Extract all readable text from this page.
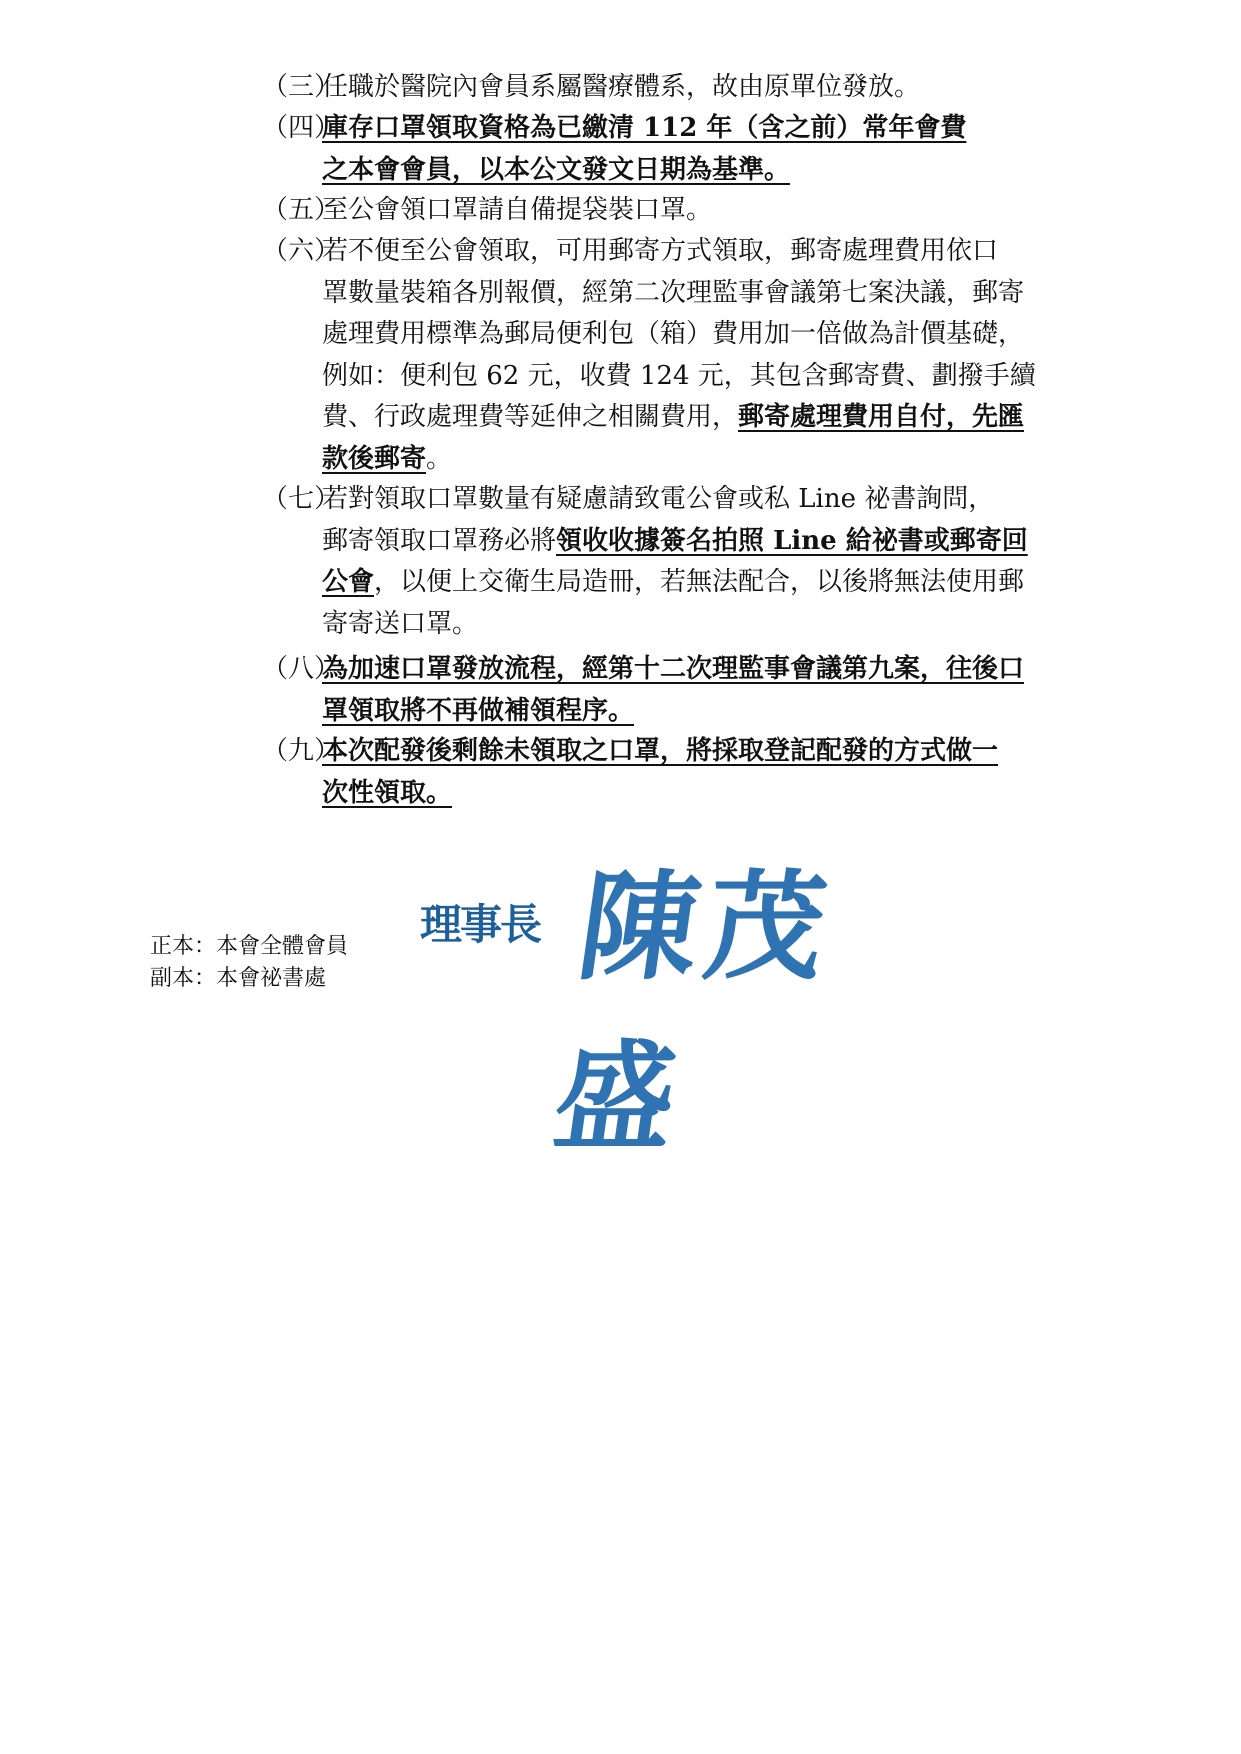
（三）
任職於醫院內會員系屬醫療體系，故由原單位發放。
（四）
庫存口罩領取資格為已繳清 112 年（含之前）常年會費
之本會會員，以本公文發文日期為基準。
（五）
至公會領口罩請自備提袋裝口罩。
（六）
若不便至公會領取，可用郵寄方式領取，郵寄處理費用依口
罩數量裝箱各別報價，經第二次理監事會議第七案決議，郵寄
處理費用標準為郵局便利包（箱）費用加一倍做為計價基礎，
例如：便利包 62 元，收費 124 元，其包含郵寄費、劃撥手續
費、行政處理費等延伸之相關費用，郵寄處理費用自付，先匯
款後郵寄。
（七）
若對領取口罩數量有疑慮請致電公會或私 Line 祕書詢問，
郵寄領取口罩務必將領收收據簽名拍照 Line 給祕書或郵寄回
公會，以便上交衛生局造冊，若無法配合，以後將無法使用郵
寄寄送口罩。
（八）
為加速口罩發放流程，經第十二次理監事會議第九案，往後口
罩領取將不再做補領程序。
（九）
本次配發後剩餘未領取之口罩，將採取登記配發的方式做一
次性領取。
正本：本會全體會員
副本：本會祕書處
理事長 陳茂盛
